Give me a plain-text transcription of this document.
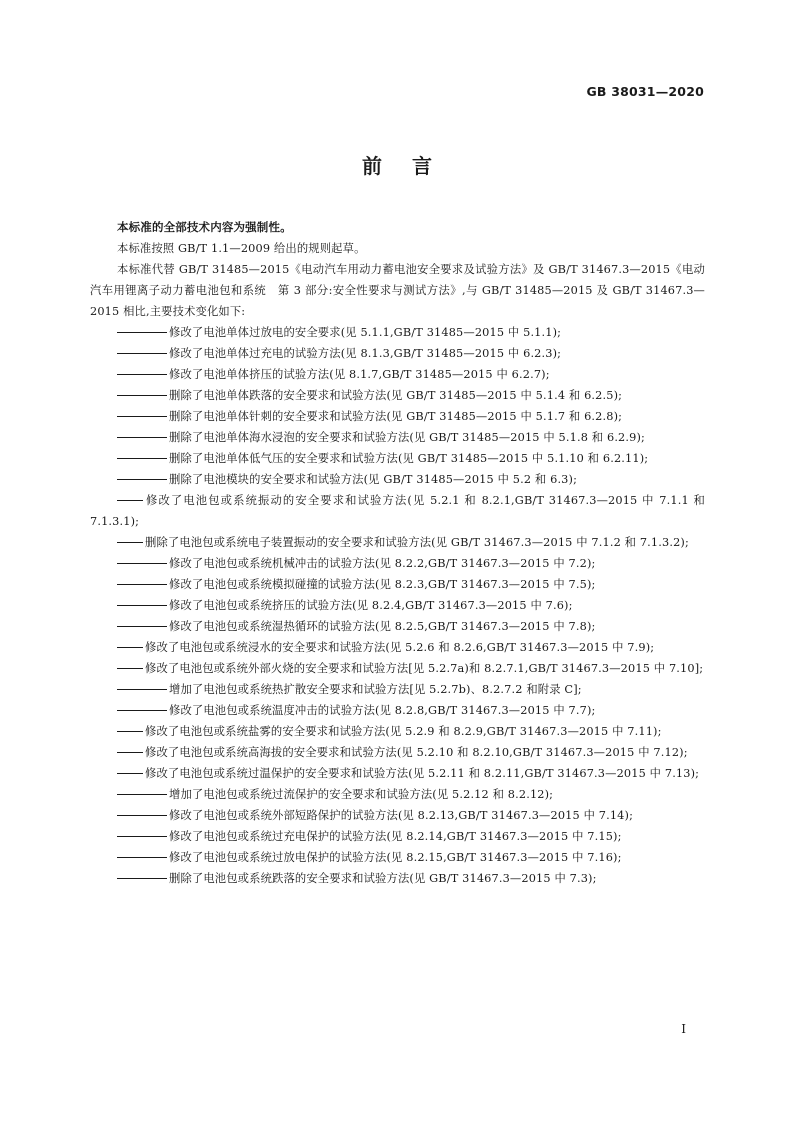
GB 38031—2020
前言

本标准的全部技术内容为强制性。

本标准按照 GB/T 1.1—2009 给出的规则起草。

本标准代替 GB/T 31485—2015《电动汽车用动力蓄电池安全要求及试验方法》及 GB/T 31467.3—2015《电动汽车用锂离子动力蓄电池包和系统　第 3 部分:安全性要求与测试方法》,与 GB/T 31485—2015 及 GB/T 31467.3—2015 相比,主要技术变化如下:

修改了电池单体过放电的安全要求(见 5.1.1,GB/T 31485—2015 中 5.1.1);
修改了电池单体过充电的试验方法(见 8.1.3,GB/T 31485—2015 中 6.2.3);
修改了电池单体挤压的试验方法(见 8.1.7,GB/T 31485—2015 中 6.2.7);
删除了电池单体跌落的安全要求和试验方法(见 GB/T 31485—2015 中 5.1.4 和 6.2.5);
删除了电池单体针刺的安全要求和试验方法(见 GB/T 31485—2015 中 5.1.7 和 6.2.8);
删除了电池单体海水浸泡的安全要求和试验方法(见 GB/T 31485—2015 中 5.1.8 和 6.2.9);
删除了电池单体低气压的安全要求和试验方法(见 GB/T 31485—2015 中 5.1.10 和 6.2.11);
删除了电池模块的安全要求和试验方法(见 GB/T 31485—2015 中 5.2 和 6.3);
修改了电池包或系统振动的安全要求和试验方法(见 5.2.1 和 8.2.1,GB/T 31467.3—2015 中 7.1.1 和 7.1.3.1);
删除了电池包或系统电子装置振动的安全要求和试验方法(见 GB/T 31467.3—2015 中 7.1.2 和 7.1.3.2);
修改了电池包或系统机械冲击的试验方法(见 8.2.2,GB/T 31467.3—2015 中 7.2);
修改了电池包或系统模拟碰撞的试验方法(见 8.2.3,GB/T 31467.3—2015 中 7.5);
修改了电池包或系统挤压的试验方法(见 8.2.4,GB/T 31467.3—2015 中 7.6);
修改了电池包或系统湿热循环的试验方法(见 8.2.5,GB/T 31467.3—2015 中 7.8);
修改了电池包或系统浸水的安全要求和试验方法(见 5.2.6 和 8.2.6,GB/T 31467.3—2015 中 7.9);
修改了电池包或系统外部火烧的安全要求和试验方法[见 5.2.7a)和 8.2.7.1,GB/T 31467.3—2015 中 7.10];
增加了电池包或系统热扩散安全要求和试验方法[见 5.2.7b)、8.2.7.2 和附录 C];
修改了电池包或系统温度冲击的试验方法(见 8.2.8,GB/T 31467.3—2015 中 7.7);
修改了电池包或系统盐雾的安全要求和试验方法(见 5.2.9 和 8.2.9,GB/T 31467.3—2015 中 7.11);
修改了电池包或系统高海拔的安全要求和试验方法(见 5.2.10 和 8.2.10,GB/T 31467.3—2015 中 7.12);
修改了电池包或系统过温保护的安全要求和试验方法(见 5.2.11 和 8.2.11,GB/T 31467.3—2015 中 7.13);
增加了电池包或系统过流保护的安全要求和试验方法(见 5.2.12 和 8.2.12);
修改了电池包或系统外部短路保护的试验方法(见 8.2.13,GB/T 31467.3—2015 中 7.14);
修改了电池包或系统过充电保护的试验方法(见 8.2.14,GB/T 31467.3—2015 中 7.15);
修改了电池包或系统过放电保护的试验方法(见 8.2.15,GB/T 31467.3—2015 中 7.16);
删除了电池包或系统跌落的安全要求和试验方法(见 GB/T 31467.3—2015 中 7.3);
I
